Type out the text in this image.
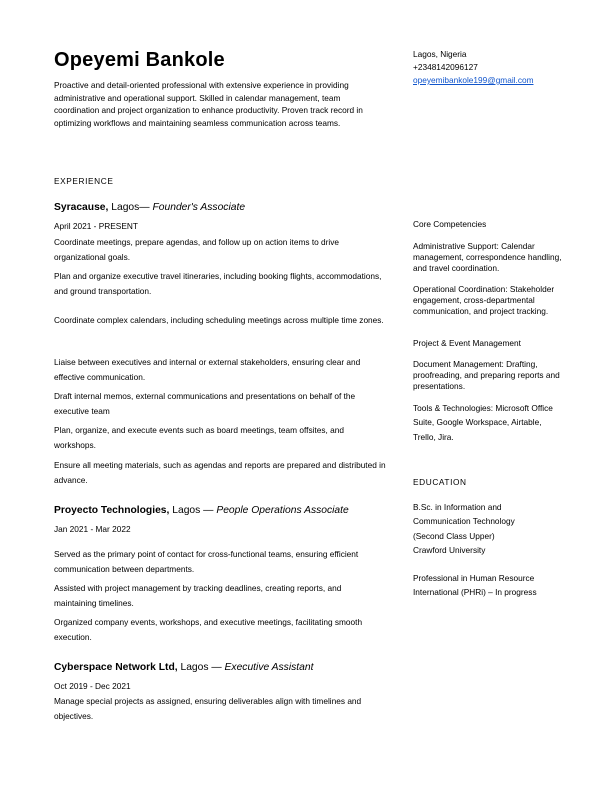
Opeyemi Bankole
Proactive and detail-oriented professional with extensive experience in providing administrative and operational support. Skilled in calendar management, team coordination and project organization to enhance productivity. Proven track record in optimizing workflows and maintaining seamless communication across teams.
Lagos, Nigeria
+2348142096127
opeyemibankole199@gmail.com
EXPERIENCE
Syracause, Lagos— Founder's Associate
April 2021 - PRESENT
Coordinate meetings, prepare agendas, and follow up on action items to drive organizational goals.
Plan and organize executive travel itineraries, including booking flights, accommodations, and ground transportation.
Coordinate complex calendars, including scheduling meetings across multiple time zones.
Liaise between executives and internal or external stakeholders, ensuring clear and effective communication.
Draft internal memos, external communications and presentations on behalf of the executive team
Plan, organize, and execute events such as board meetings, team offsites, and workshops.
Ensure all meeting materials, such as agendas and reports are prepared and distributed in advance.
Proyecto Technologies, Lagos — People Operations Associate
Jan 2021 - Mar 2022
Served as the primary point of contact for cross-functional teams, ensuring efficient communication between departments.
Assisted with project management by tracking deadlines, creating reports, and maintaining timelines.
Organized company events, workshops, and executive meetings, facilitating smooth execution.
Cyberspace Network Ltd, Lagos — Executive Assistant
Oct 2019 - Dec 2021
Manage special projects as assigned, ensuring deliverables align with timelines and objectives.
Core Competencies
Administrative Support: Calendar management, correspondence handling, and travel coordination.
Operational Coordination: Stakeholder engagement, cross-departmental communication, and project tracking.
Project & Event Management
Document Management: Drafting, proofreading, and preparing reports and presentations.
Tools & Technologies: Microsoft Office Suite, Google Workspace, Airtable, Trello, Jira.
EDUCATION
B.Sc. in Information and
Communication Technology
(Second Class Upper)
Crawford University
Professional in Human Resource
International (PHRi) – In progress
